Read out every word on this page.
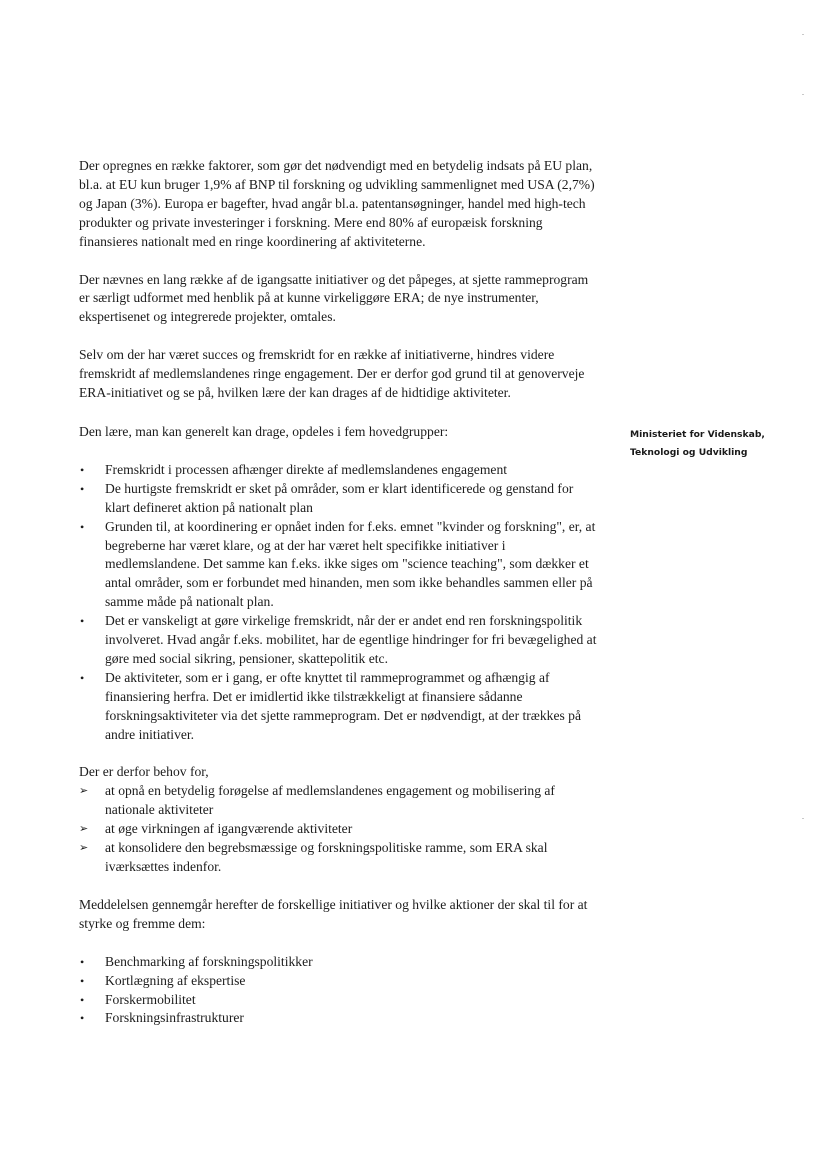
Ministeriet for Videnskab,
Teknologi og Udvikling

Der opregnes en række faktorer, som gør det nødvendigt med en betydelig indsats på EU plan, bl.a. at EU kun bruger 1,9% af BNP til forskning og udvikling sammenlignet med USA (2,7%) og Japan (3%). Europa er bagefter, hvad angår bl.a. patentansøgninger, handel med high-tech produkter og private investeringer i forskning. Mere end 80% af europæisk forskning finansieres nationalt med en ringe koordinering af aktiviteterne.

Der nævnes en lang række af de igangsatte initiativer og det påpeges, at sjette rammeprogram er særligt udformet med henblik på at kunne virkeliggøre ERA; de nye instrumenter, ekspertisenet og integrerede projekter, omtales.

Selv om der har været succes og fremskridt for en række af initiativerne, hindres videre fremskridt af medlemslandenes ringe engagement. Der er derfor god grund til at genoverveje ERA-initiativet og se på, hvilken lære der kan drages af de hidtidige aktiviteter.

Den lære, man kan generelt kan drage, opdeles i fem hovedgrupper:

• Fremskridt i processen afhænger direkte af medlemslandenes engagement
• De hurtigste fremskridt er sket på områder, som er klart identificerede og genstand for klart defineret aktion på nationalt plan
• Grunden til, at koordinering er opnået inden for f.eks. emnet "kvinder og forskning", er, at begreberne har været klare, og at der har været helt specifikke initiativer i medlemslandene. Det samme kan f.eks. ikke siges om "science teaching", som dækker et antal områder, som er forbundet med hinanden, men som ikke behandles sammen eller på samme måde på nationalt plan.
• Det er vanskeligt at gøre virkelige fremskridt, når der er andet end ren forskningspolitik involveret. Hvad angår f.eks. mobilitet, har de egentlige hindringer for fri bevægelighed at gøre med social sikring, pensioner, skattepolitik etc.
• De aktiviteter, som er i gang, er ofte knyttet til rammeprogrammet og afhængig af finansiering herfra. Det er imidlertid ikke tilstrækkeligt at finansiere sådanne forskningsaktiviteter via det sjette rammeprogram. Det er nødvendigt, at der trækkes på andre initiativer.

Der er derfor behov for,

➢ at opnå en betydelig forøgelse af medlemslandenes engagement og mobilisering af nationale aktiviteter
➢ at øge virkningen af igangværende aktiviteter
➢ at konsolidere den begrebsmæssige og forskningspolitiske ramme, som ERA skal iværksættes indenfor.

Meddelelsen gennemgår herefter de forskellige initiativer og hvilke aktioner der skal til for at styrke og fremme dem:

• Benchmarking af forskningspolitikker
• Kortlægning af ekspertise
• Forskermobilitet
• Forskningsinfrastrukturer
